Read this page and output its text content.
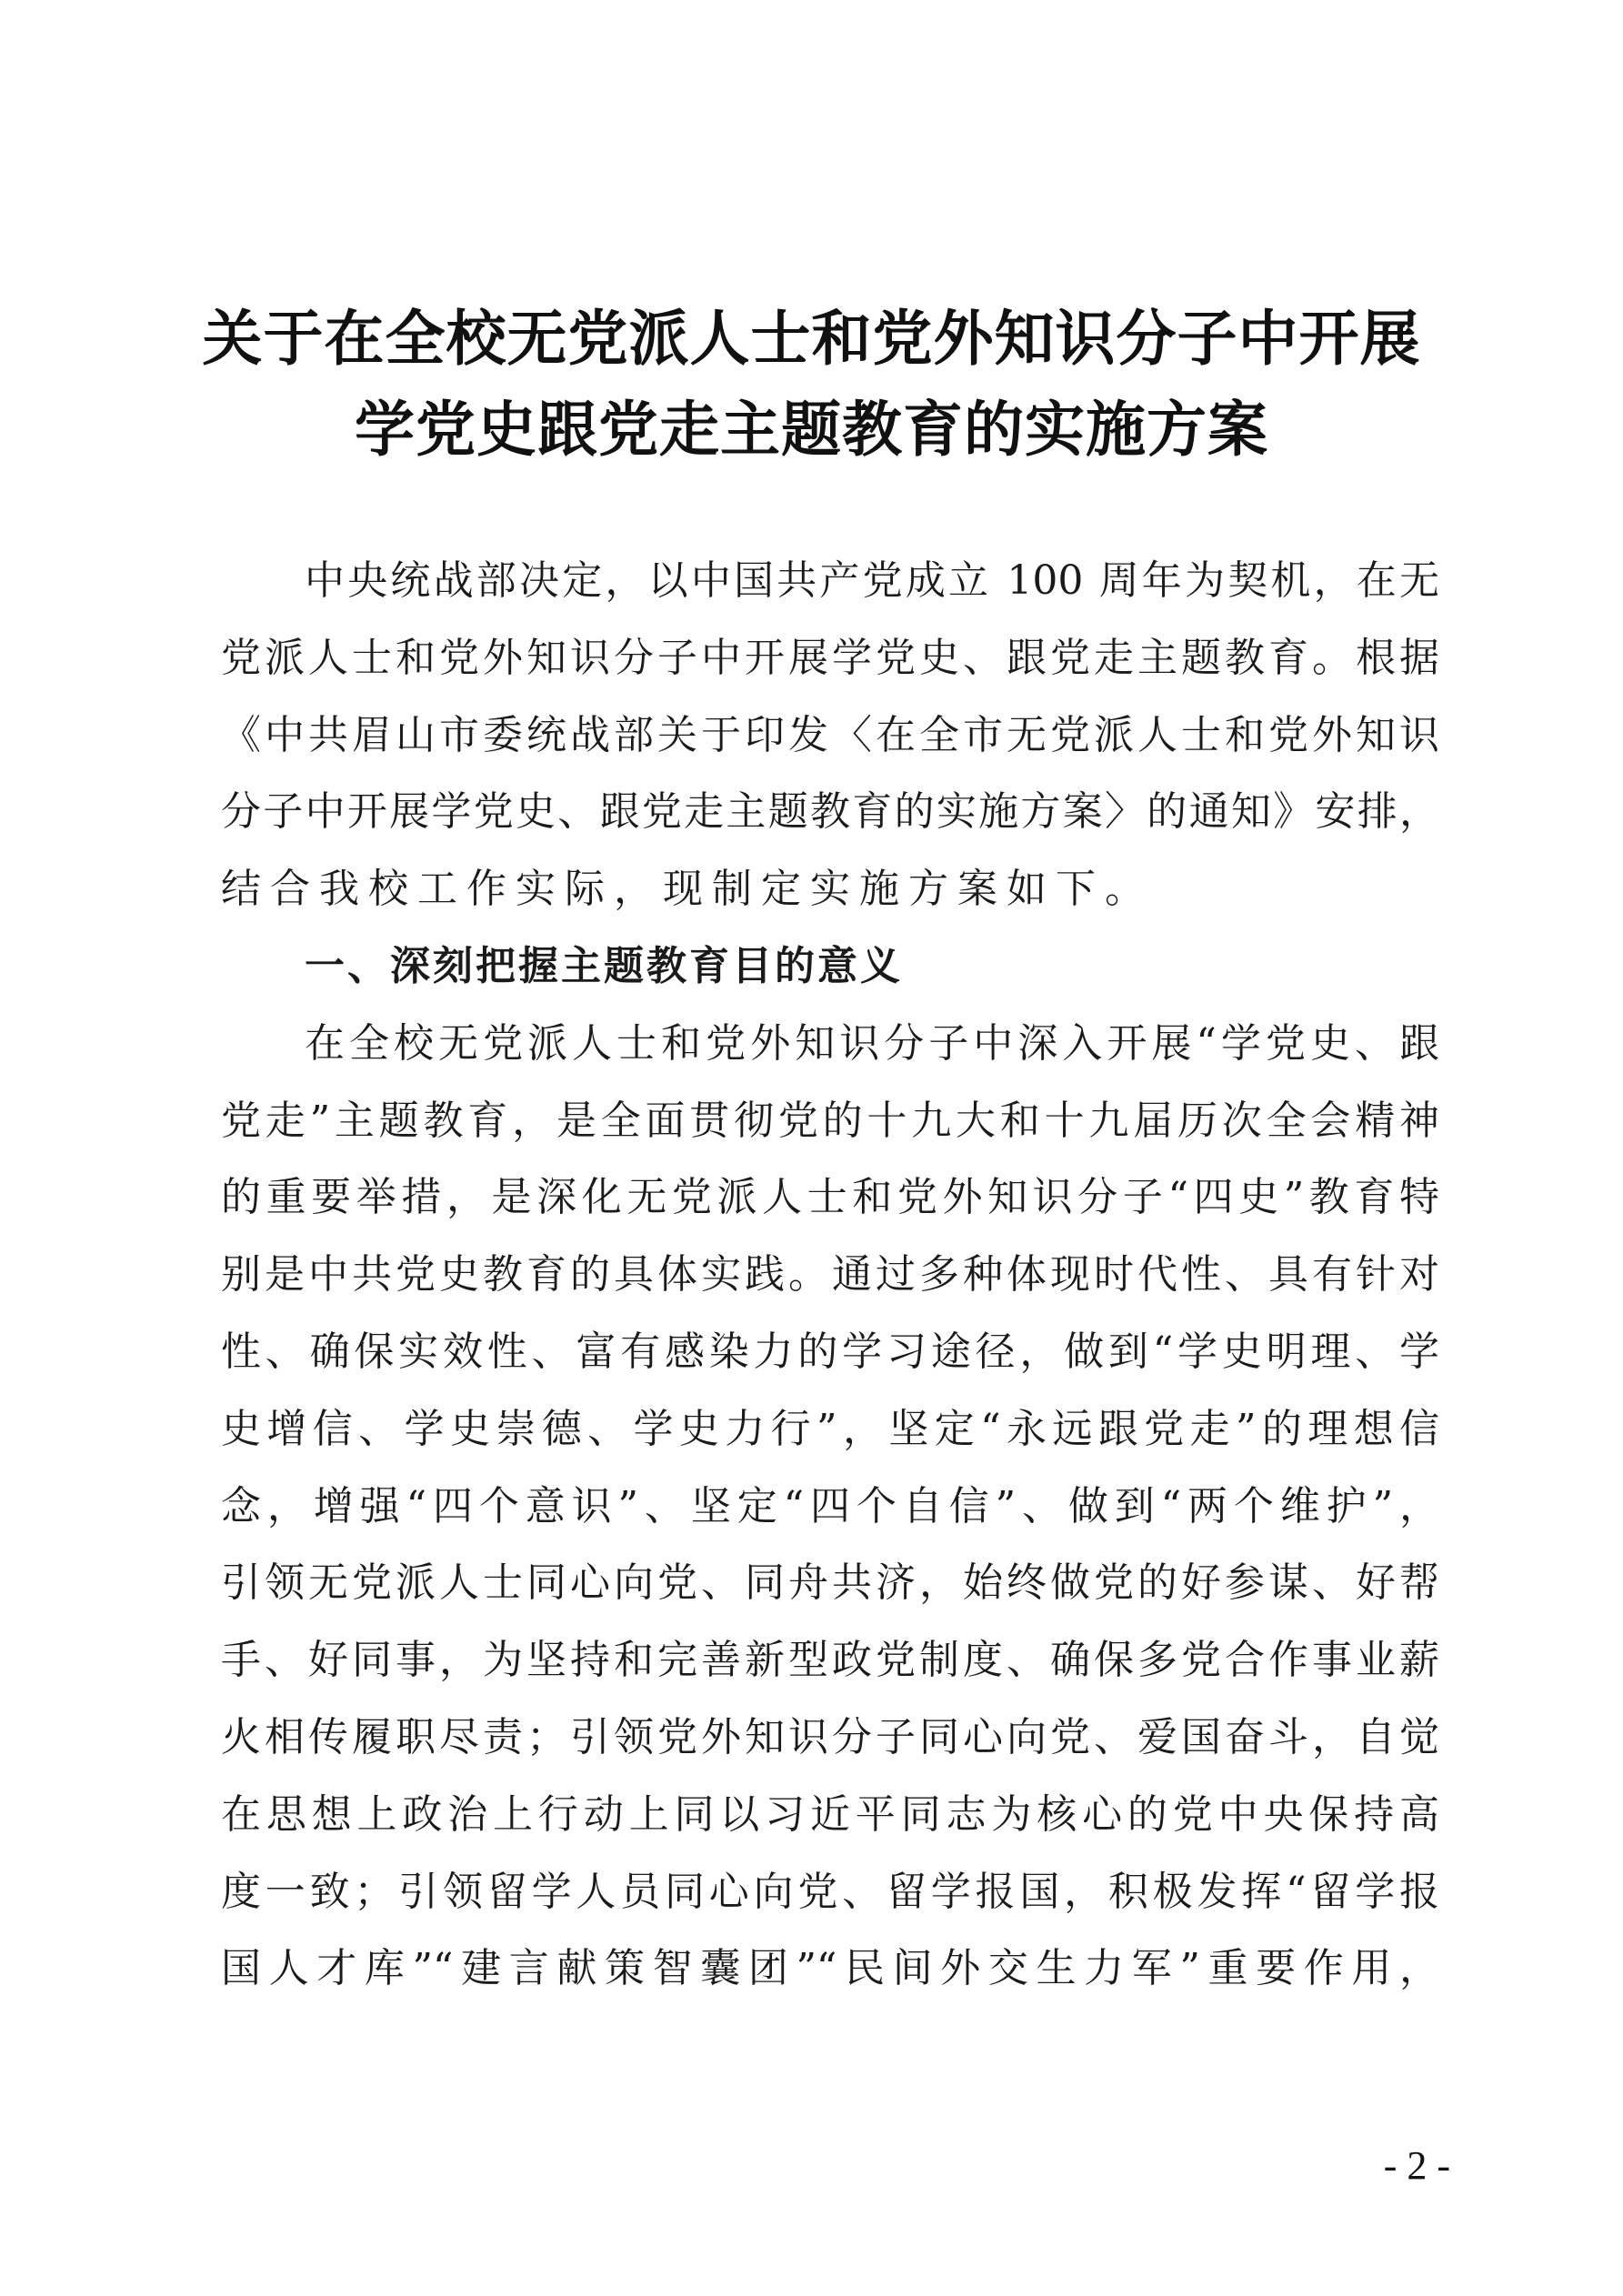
关于在全校无党派人士和党外知识分子中开展
学党史跟党走主题教育的实施方案
中央统战部决定，以中国共产党成立 100 周年为契机，在无
党派人士和党外知识分子中开展学党史、跟党走主题教育。根据
《中共眉山市委统战部关于印发〈在全市无党派人士和党外知识
分子中开展学党史、跟党走主题教育的实施方案〉的通知》安排，
结合我校工作实际，现制定实施方案如下。
一、深刻把握主题教育目的意义
在全校无党派人士和党外知识分子中深入开展“学党史、跟
党走”主题教育，是全面贯彻党的十九大和十九届历次全会精神
的重要举措，是深化无党派人士和党外知识分子“四史”教育特
别是中共党史教育的具体实践。通过多种体现时代性、具有针对
性、确保实效性、富有感染力的学习途径，做到“学史明理、学
史增信、学史崇德、学史力行”，坚定“永远跟党走”的理想信
念，增强“四个意识”、坚定“四个自信”、做到“两个维护”，
引领无党派人士同心向党、同舟共济，始终做党的好参谋、好帮
手、好同事，为坚持和完善新型政党制度、确保多党合作事业薪
火相传履职尽责；引领党外知识分子同心向党、爱国奋斗，自觉
在思想上政治上行动上同以习近平同志为核心的党中央保持高
度一致；引领留学人员同心向党、留学报国，积极发挥“留学报
国人才库”“建言献策智囊团”“民间外交生力军”重要作用，
- 2 -
